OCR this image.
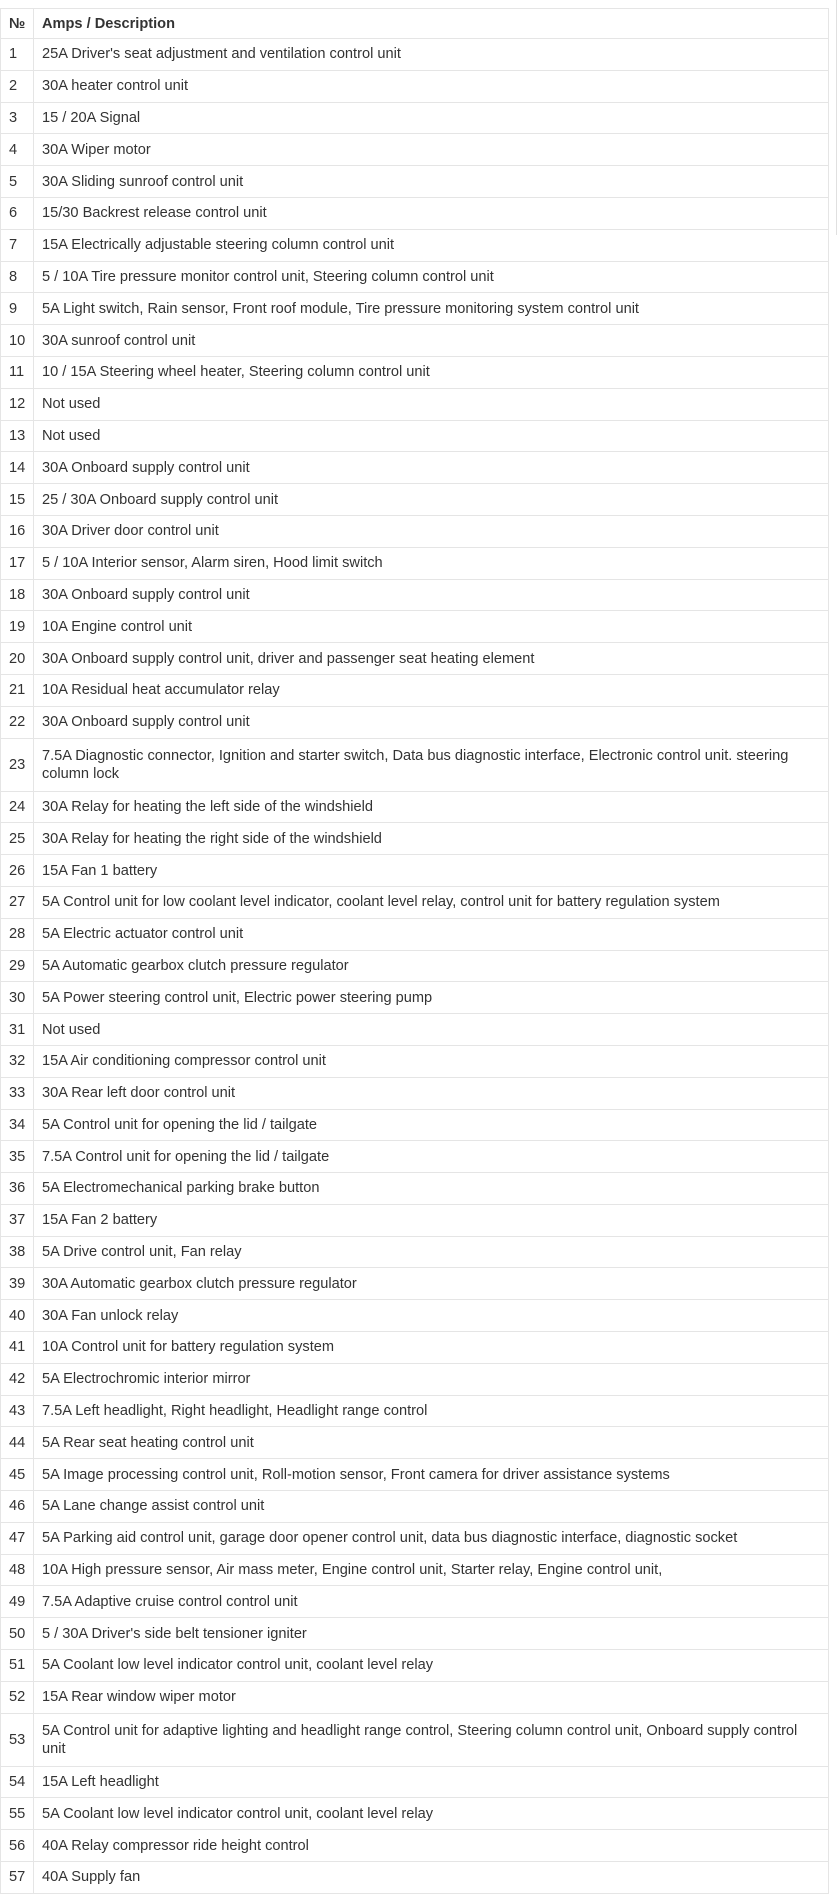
№	Amps / Description
1	25A Driver's seat adjustment and ventilation control unit
2	30A heater control unit
3	15 / 20A Signal
4	30A Wiper motor
5	30A Sliding sunroof control unit
6	15/30 Backrest release control unit
7	15A Electrically adjustable steering column control unit
8	5 / 10A Tire pressure monitor control unit, Steering column control unit
9	5A Light switch, Rain sensor, Front roof module, Tire pressure monitoring system control unit
10	30A sunroof control unit
11	10 / 15A Steering wheel heater, Steering column control unit
12	Not used
13	Not used
14	30A Onboard supply control unit
15	25 / 30A Onboard supply control unit
16	30A Driver door control unit
17	5 / 10A Interior sensor, Alarm siren, Hood limit switch
18	30A Onboard supply control unit
19	10A Engine control unit
20	30A Onboard supply control unit, driver and passenger seat heating element
21	10A Residual heat accumulator relay
22	30A Onboard supply control unit
23	7.5A Diagnostic connector, Ignition and starter switch, Data bus diagnostic interface, Electronic control unit. steering column lock
24	30A Relay for heating the left side of the windshield
25	30A Relay for heating the right side of the windshield
26	15A Fan 1 battery
27	5A Control unit for low coolant level indicator, coolant level relay, control unit for battery regulation system
28	5A Electric actuator control unit
29	5A Automatic gearbox clutch pressure regulator
30	5A Power steering control unit, Electric power steering pump
31	Not used
32	15A Air conditioning compressor control unit
33	30A Rear left door control unit
34	5A Control unit for opening the lid / tailgate
35	7.5A Control unit for opening the lid / tailgate
36	5A Electromechanical parking brake button
37	15A Fan 2 battery
38	5A Drive control unit, Fan relay
39	30A Automatic gearbox clutch pressure regulator
40	30A Fan unlock relay
41	10A Control unit for battery regulation system
42	5A Electrochromic interior mirror
43	7.5A Left headlight, Right headlight, Headlight range control
44	5A Rear seat heating control unit
45	5A Image processing control unit, Roll-motion sensor, Front camera for driver assistance systems
46	5A Lane change assist control unit
47	5A Parking aid control unit, garage door opener control unit, data bus diagnostic interface, diagnostic socket
48	10A High pressure sensor, Air mass meter, Engine control unit, Starter relay, Engine control unit,
49	7.5A Adaptive cruise control control unit
50	5 / 30A Driver's side belt tensioner igniter
51	5A Coolant low level indicator control unit, coolant level relay
52	15A Rear window wiper motor
53	5A Control unit for adaptive lighting and headlight range control, Steering column control unit, Onboard supply control unit
54	15A Left headlight
55	5A Coolant low level indicator control unit, coolant level relay
56	40A Relay compressor ride height control
57	40A Supply fan
